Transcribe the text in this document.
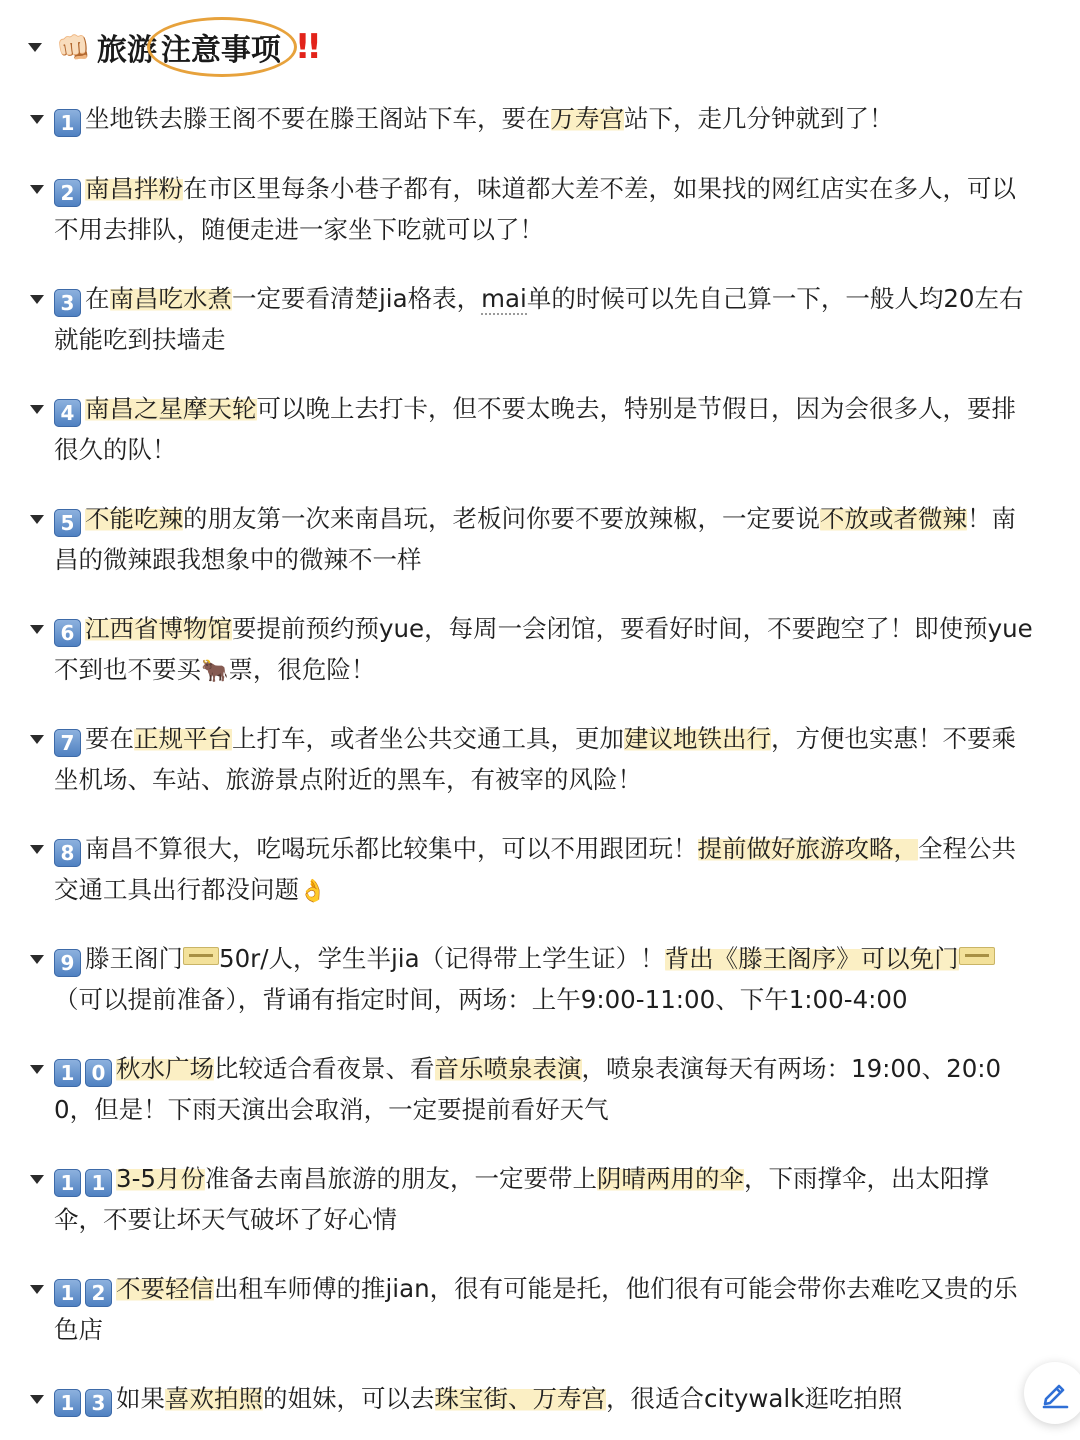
👊🏻 旅游 注意事项 !!
1 坐地铁去滕王阁不要在滕王阁站下车，要在万寿宫站下，走几分钟就到了！
2 南昌拌粉在市区里每条小巷子都有，味道都大差不差，如果找的网红店实在多人，可以不用去排队，随便走进一家坐下吃就可以了！
3 在南昌吃水煮一定要看清楚jia格表，mai单的时候可以先自己算一下，一般人均20左右就能吃到扶墙走
4 南昌之星摩天轮可以晚上去打卡，但不要太晚去，特别是节假日，因为会很多人，要排很久的队！
5 不能吃辣的朋友第一次来南昌玩，老板问你要不要放辣椒，一定要说不放或者微辣！南昌的微辣跟我想象中的微辣不一样
6 江西省博物馆要提前预约预yue，每周一会闭馆，要看好时间，不要跑空了！即使预yue不到也不要买🐂票，很危险！
7 要在正规平台上打车，或者坐公共交通工具，更加建议地铁出行，方便也实惠！不要乘坐机场、车站、旅游景点附近的黑车，有被宰的风险！
8 南昌不算很大，吃喝玩乐都比较集中，可以不用跟团玩！提前做好旅游攻略，全程公共交通工具出行都没问题👌
9 滕王阁门 50r/人，学生半jia（记得带上学生证）！背出《滕王阁序》可以免门（可以提前准备），背诵有指定时间，两场：上午9:00-11:00、下午1:00-4:00
1 0 秋水广场比较适合看夜景、看音乐喷泉表演，喷泉表演每天有两场：19:00、20:00，但是！下雨天演出会取消，一定要提前看好天气
1 1 3-5月份准备去南昌旅游的朋友，一定要带上阴晴两用的伞，下雨撑伞，出太阳撑伞，不要让坏天气破坏了好心情
1 2 不要轻信出租车师傅的推jian，很有可能是托，他们很有可能会带你去难吃又贵的乐色店
1 3 如果喜欢拍照的姐妹，可以去珠宝街、万寿宫，很适合citywalk逛吃拍照
